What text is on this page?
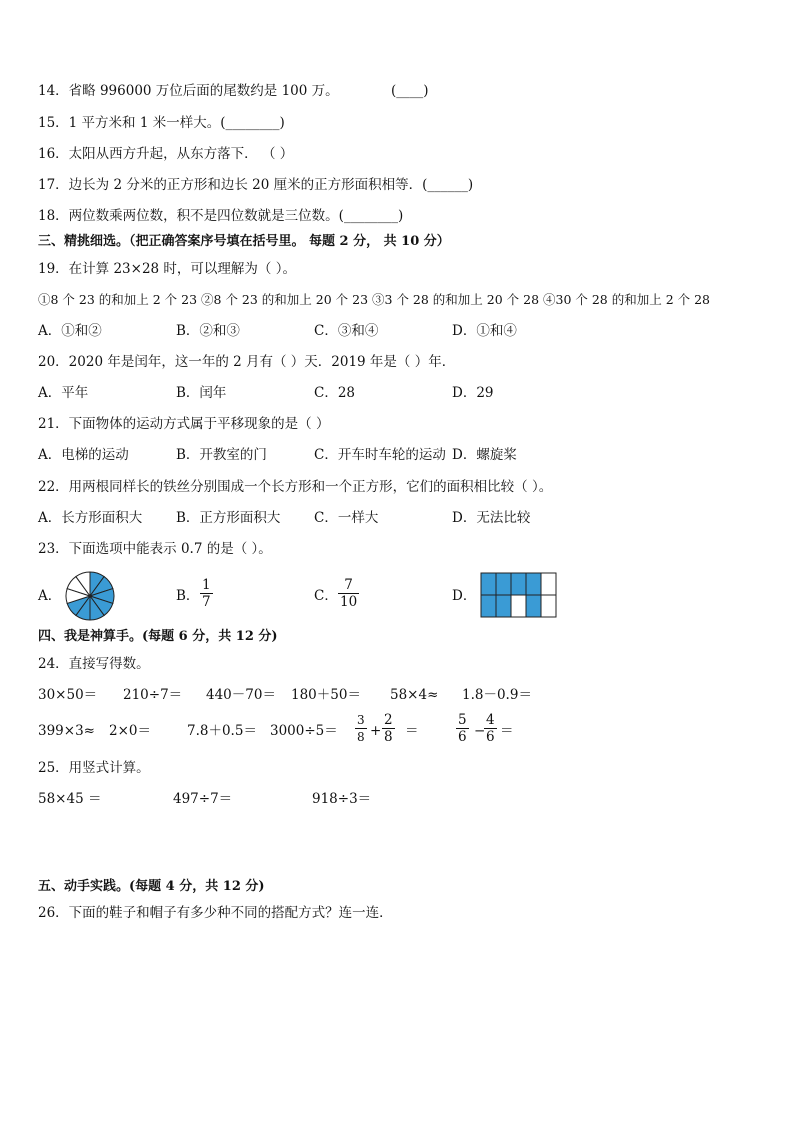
14．省略 996000 万位后面的尾数约是 100 万。	(____)
15．1 平方米和 1 米一样大。(________)
16．太阳从西方升起，从东方落下． （ ）
17．边长为 2 分米的正方形和边长 20 厘米的正方形面积相等．(______)
18．两位数乘两位数，积不是四位数就是三位数。(________)
三、精挑细选。（把正确答案序号填在括号里。 每题 2 分， 共 10 分）
19．在计算 23×28 时，可以理解为（ ）。
①8 个 23 的和加上 2 个 23 ②8 个 23 的和加上 20 个 23 ③3 个 28 的和加上 20 个 28 ④30 个 28 的和加上 2 个 28
A．①和②	B．②和③	C．③和④	D．①和④
20．2020 年是闰年，这一年的 2 月有（ ）天．2019 年是（ ）年．
A．平年	B．闰年	C．28	D．29
21．下面物体的运动方式属于平移现象的是（ ）
A．电梯的运动	B．开教室的门	C．开车时车轮的运动 D．螺旋桨
22．用两根同样长的铁丝分别围成一个长方形和一个正方形，它们的面积相比较（ ）。
A．长方形面积大	B．正方形面积大 C．一样大	D．无法比较
23．下面选项中能表示 0.7 的是（ ）。
A．	B．
1
7	C．
7
10	D．
四、我是神算手。(每题 6 分，共 12 分)
24．直接写得数。
30×50＝ 210÷7＝ 440－70＝ 180＋50＝ 58×4≈ 1.8－0.9＝
399×3≈ 2×0＝	7.8＋0.5＝ 3000÷5＝
3
8 +
2
8 ＝
5
6 −
4
6 ＝
25．用竖式计算。
58×45 ＝	497÷7＝	918÷3＝
五、动手实践。(每题 4 分，共 12 分)
26．下面的鞋子和帽子有多少种不同的搭配方式？连一连．
